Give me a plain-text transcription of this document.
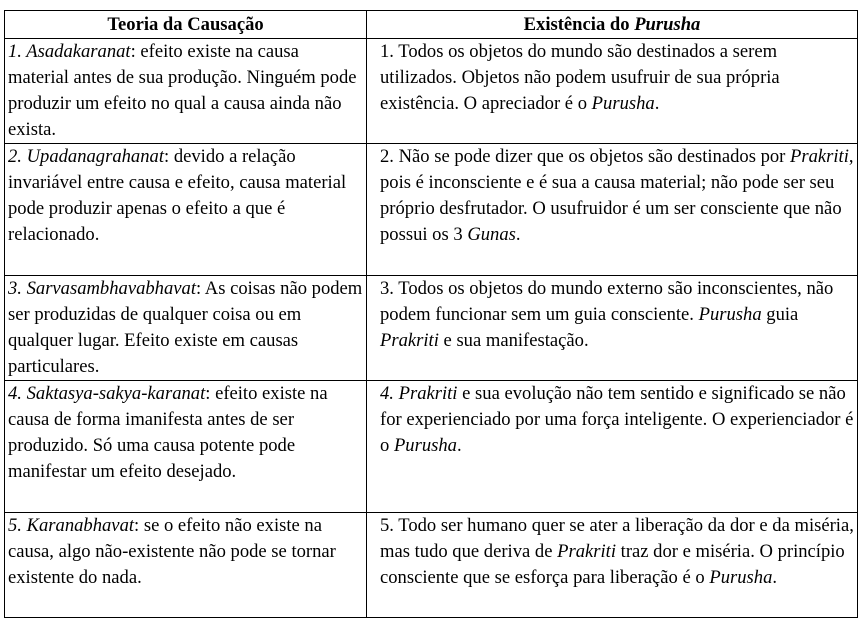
Teoria da Causação	Existência do Purusha
1. Asadakaranat: efeito existe na causa material antes de sua produção. Ninguém pode produzir um efeito no qual a causa ainda não exista.	1. Todos os objetos do mundo são destinados a serem utilizados. Objetos não podem usufruir de sua própria existência. O apreciador é o Purusha.
2. Upadanagrahanat: devido a relação invariável entre causa e efeito, causa material pode produzir apenas o efeito a que é relacionado.	2. Não se pode dizer que os objetos são destinados por Prakriti, pois é inconsciente e é sua a causa material; não pode ser seu próprio desfrutador. O usufruidor é um ser consciente que não possui os 3 Gunas.
3. Sarvasambhavabhavat: As coisas não podem ser produzidas de qualquer coisa ou em qualquer lugar. Efeito existe em causas particulares.	3. Todos os objetos do mundo externo são inconscientes, não podem funcionar sem um guia consciente. Purusha guia Prakriti e sua manifestação.
4. Saktasya-sakya-karanat: efeito existe na causa de forma imanifesta antes de ser produzido. Só uma causa potente pode manifestar um efeito desejado.	4. Prakriti e sua evolução não tem sentido e significado se não for experienciado por uma força inteligente. O experienciador é o Purusha.
5. Karanabhavat: se o efeito não existe na causa, algo não-existente não pode se tornar existente do nada.	5. Todo ser humano quer se ater a liberação da dor e da miséria, mas tudo que deriva de Prakriti traz dor e miséria. O princípio consciente que se esforça para liberação é o Purusha.
